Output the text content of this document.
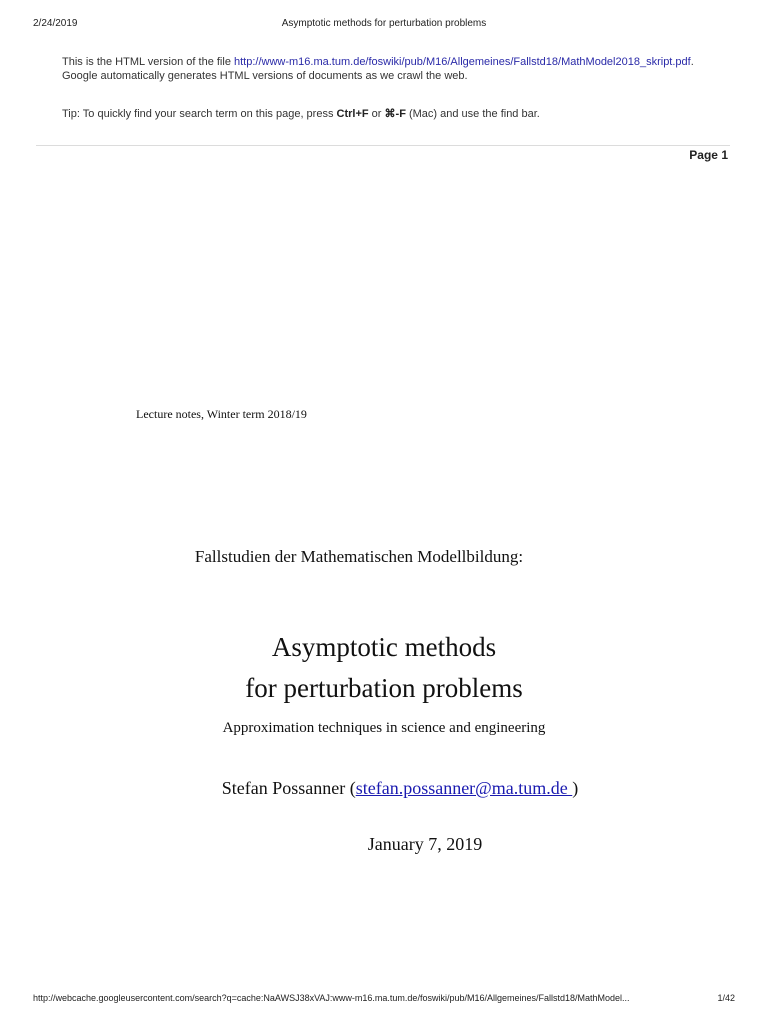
2/24/2019	Asymptotic methods for perturbation problems
This is the HTML version of the file http://www-m16.ma.tum.de/foswiki/pub/M16/Allgemeines/Fallstd18/MathModel2018_skript.pdf. Google automatically generates HTML versions of documents as we crawl the web.
Tip: To quickly find your search term on this page, press Ctrl+F or ⌘-F (Mac) and use the find bar.
Page 1
Lecture notes, Winter term 2018/19
Fallstudien der Mathematischen Modellbildung:
Asymptotic methods
for perturbation problems
Approximation techniques in science and engineering
Stefan Possanner (stefan.possanner@ma.tum.de )
January 7, 2019
http://webcache.googleusercontent.com/search?q=cache:NaAWSJ38xVAJ:www-m16.ma.tum.de/foswiki/pub/M16/Allgemeines/Fallstd18/MathModel...	1/42
